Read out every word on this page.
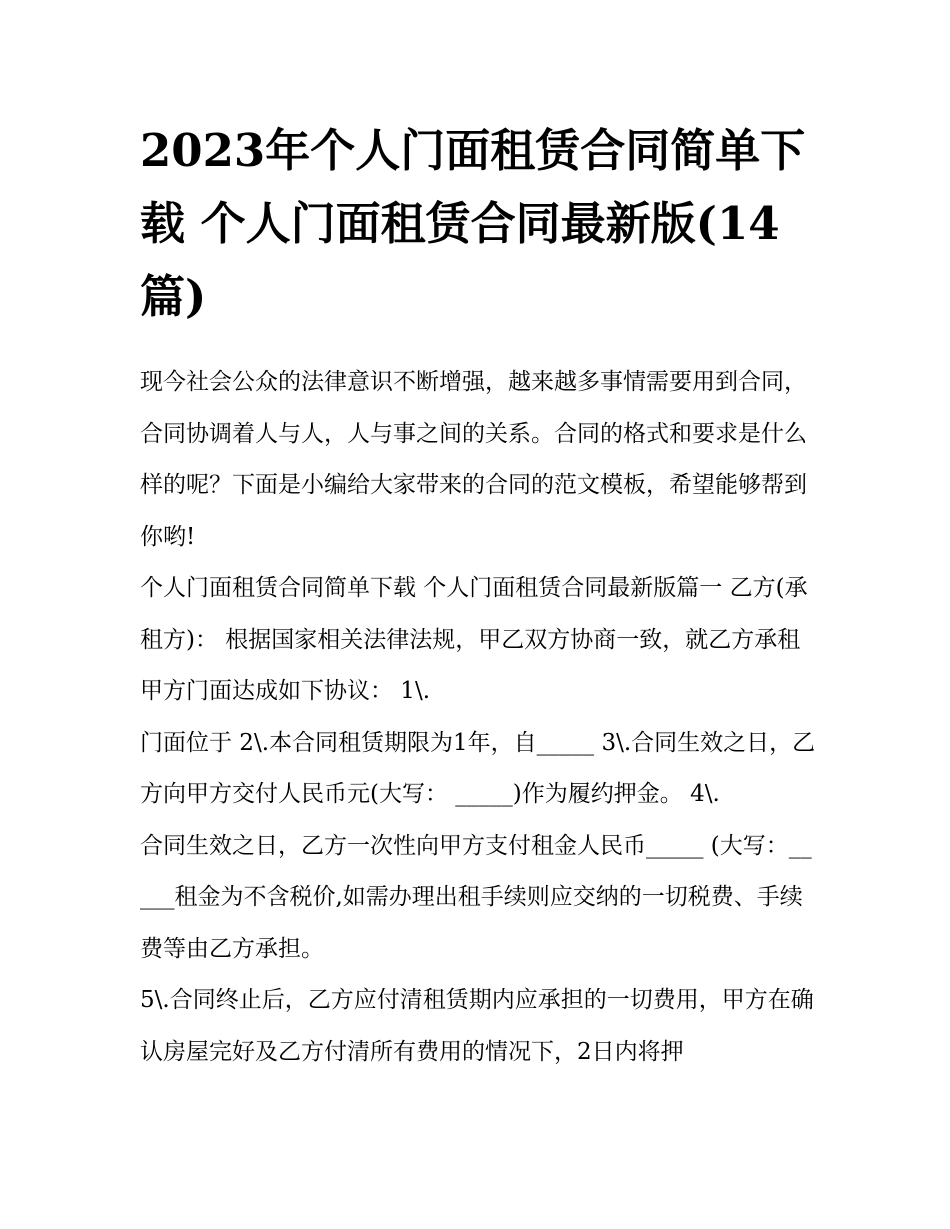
2023年个人门面租赁合同简单下载 个人门面租赁合同最新版(14篇)

现今社会公众的法律意识不断增强，越来越多事情需要用到合同，合同协调着人与人，人与事之间的关系。合同的格式和要求是什么样的呢？下面是小编给大家带来的合同的范文模板，希望能够帮到你哟!

个人门面租赁合同简单下载 个人门面租赁合同最新版篇一 乙方(承租方)： 根据国家相关法律法规，甲乙双方协商一致，就乙方承租甲方门面达成如下协议： 1\.

门面位于 2\.本合同租赁期限为1年，自_____ 3\.合同生效之日，乙方向甲方交付人民币元(大写： _____)作为履约押金。 4\.

合同生效之日，乙方一次性向甲方支付租金人民币_____ (大写：_____租金为不含税价,如需办理出租手续则应交纳的一切税费、手续费等由乙方承担。

5\.合同终止后，乙方应付清租赁期内应承担的一切费用，甲方在确认房屋完好及乙方付清所有费用的情况下，2日内将押
